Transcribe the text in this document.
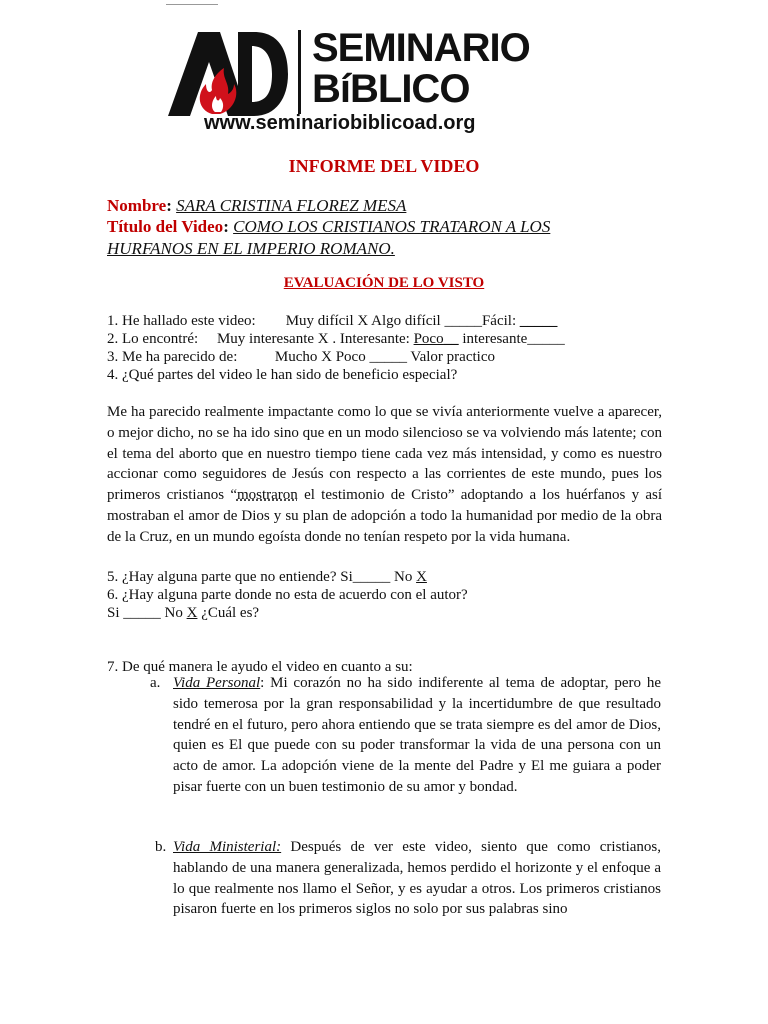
SEMINARIO
BíBLICO
www.seminariobiblicoad.org
INFORME DEL VIDEO
Nombre: SARA CRISTINA FLOREZ MESA
Título del Video: COMO LOS CRISTIANOS TRATARON A LOS
HURFANOS EN EL IMPERIO ROMANO.
EVALUACIÓN DE LO VISTO
1. He hallado este video: Muy difícil X Algo difícil _____Fácil: _____
2. Lo encontré: Muy interesante X . Interesante: Poco__ interesante_____
3. Me ha parecido de:	Mucho X Poco _____ Valor practico
4. ¿Qué partes del video le han sido de beneficio especial?
Me ha parecido realmente impactante como lo que se vivía anteriormente vuelve a aparecer, o mejor dicho, no se ha ido sino que en un modo silencioso se va volviendo más latente; con el tema del aborto que en nuestro tiempo tiene cada vez más intensidad, y como es nuestro accionar como seguidores de Jesús con respecto a las corrientes de este mundo, pues los primeros cristianos “mostraron el testimonio de Cristo” adoptando a los huérfanos y así mostraban el amor de Dios y su plan de adopción a todo la humanidad por medio de la obra de la Cruz, en un mundo egoísta donde no tenían respeto por la vida humana.
5. ¿Hay alguna parte que no entiende? Si_____ No X
6. ¿Hay alguna parte donde no esta de acuerdo con el autor?
Si _____ No X ¿Cuál es?
7. De qué manera le ayudo el video en cuanto a su:
a. Vida Personal: Mi corazón no ha sido indiferente al tema de adoptar, pero he sido temerosa por la gran responsabilidad y la incertidumbre de que resultado tendré en el futuro, pero ahora entiendo que se trata siempre es del amor de Dios, quien es El que puede con su poder transformar la vida de una persona con un acto de amor. La adopción viene de la mente del Padre y El me guiara a poder pisar fuerte con un buen testimonio de su amor y bondad.
b. Vida Ministerial: Después de ver este video, siento que como cristianos, hablando de una manera generalizada, hemos perdido el horizonte y el enfoque a lo que realmente nos llamo el Señor, y es ayudar a otros. Los primeros cristianos pisaron fuerte en los primeros siglos no solo por sus palabras sino
